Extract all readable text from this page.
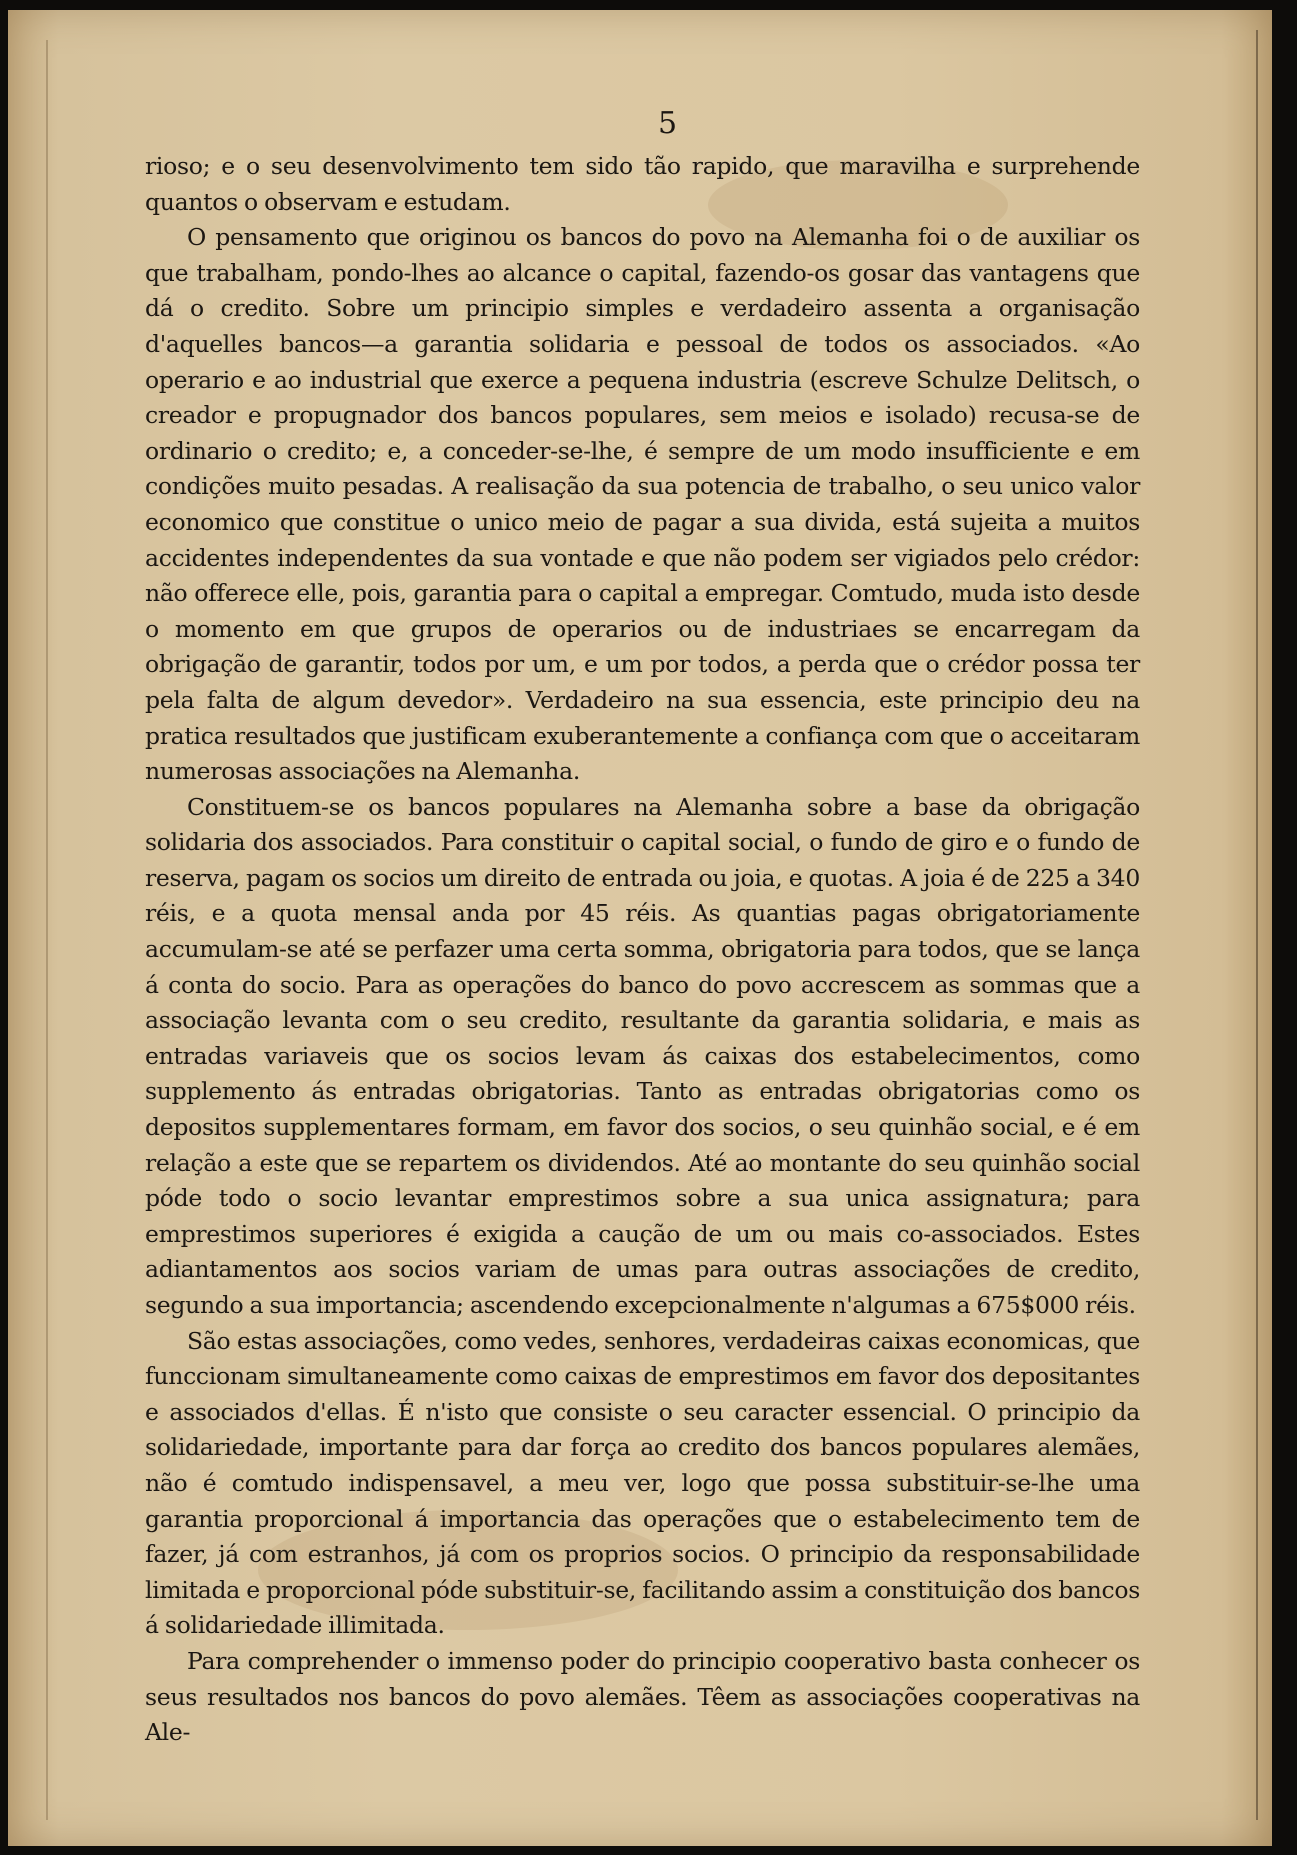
5

rioso; e o seu desenvolvimento tem sido tão rapido, que maravilha e surprehende quantos o observam e estudam.

O pensamento que originou os bancos do povo na Alemanha foi o de auxiliar os que trabalham, pondo-lhes ao alcance o capital, fazendo-os gosar das vantagens que dá o credito. Sobre um principio simples e verdadeiro assenta a organisação d'aquelles bancos—a garantia solidaria e pessoal de todos os associados. «Ao operario e ao industrial que exerce a pequena industria (escreve Schulze Delitsch, o creador e propugnador dos bancos populares, sem meios e isolado) recusa-se de ordinario o credito; e, a conceder-se-lhe, é sempre de um modo insufficiente e em condições muito pesadas. A realisação da sua potencia de trabalho, o seu unico valor economico que constitue o unico meio de pagar a sua divida, está sujeita a muitos accidentes independentes da sua vontade e que não podem ser vigiados pelo crédor: não offerece elle, pois, garantia para o capital a empregar. Comtudo, muda isto desde o momento em que grupos de operarios ou de industriaes se encarregam da obrigação de garantir, todos por um, e um por todos, a perda que o crédor possa ter pela falta de algum devedor». Verdadeiro na sua essencia, este principio deu na pratica resultados que justificam exuberantemente a confiança com que o acceitaram numerosas associações na Alemanha.

Constituem-se os bancos populares na Alemanha sobre a base da obrigação solidaria dos associados. Para constituir o capital social, o fundo de giro e o fundo de reserva, pagam os socios um direito de entrada ou joia, e quotas. A joia é de 225 a 340 réis, e a quota mensal anda por 45 réis. As quantias pagas obrigatoriamente accumulam-se até se perfazer uma certa somma, obrigatoria para todos, que se lança á conta do socio. Para as operações do banco do povo accrescem as sommas que a associação levanta com o seu credito, resultante da garantia solidaria, e mais as entradas variaveis que os socios levam ás caixas dos estabelecimentos, como supplemento ás entradas obrigatorias. Tanto as entradas obrigatorias como os depositos supplementares formam, em favor dos socios, o seu quinhão social, e é em relação a este que se repartem os dividendos. Até ao montante do seu quinhão social póde todo o socio levantar emprestimos sobre a sua unica assignatura; para emprestimos superiores é exigida a caução de um ou mais co-associados. Estes adiantamentos aos socios variam de umas para outras associações de credito, segundo a sua importancia; ascendendo excepcionalmente n'algumas a 675$000 réis.

São estas associações, como vedes, senhores, verdadeiras caixas economicas, que funccionam simultaneamente como caixas de emprestimos em favor dos depositantes e associados d'ellas. É n'isto que consiste o seu caracter essencial. O principio da solidariedade, importante para dar força ao credito dos bancos populares alemães, não é comtudo indispensavel, a meu ver, logo que possa substituir-se-lhe uma garantia proporcional á importancia das operações que o estabelecimento tem de fazer, já com estranhos, já com os proprios socios. O principio da responsabilidade limitada e proporcional póde substituir-se, facilitando assim a constituição dos bancos á solidariedade illimitada.

Para comprehender o immenso poder do principio cooperativo basta conhecer os seus resultados nos bancos do povo alemães. Têem as associações cooperativas na Ale-
